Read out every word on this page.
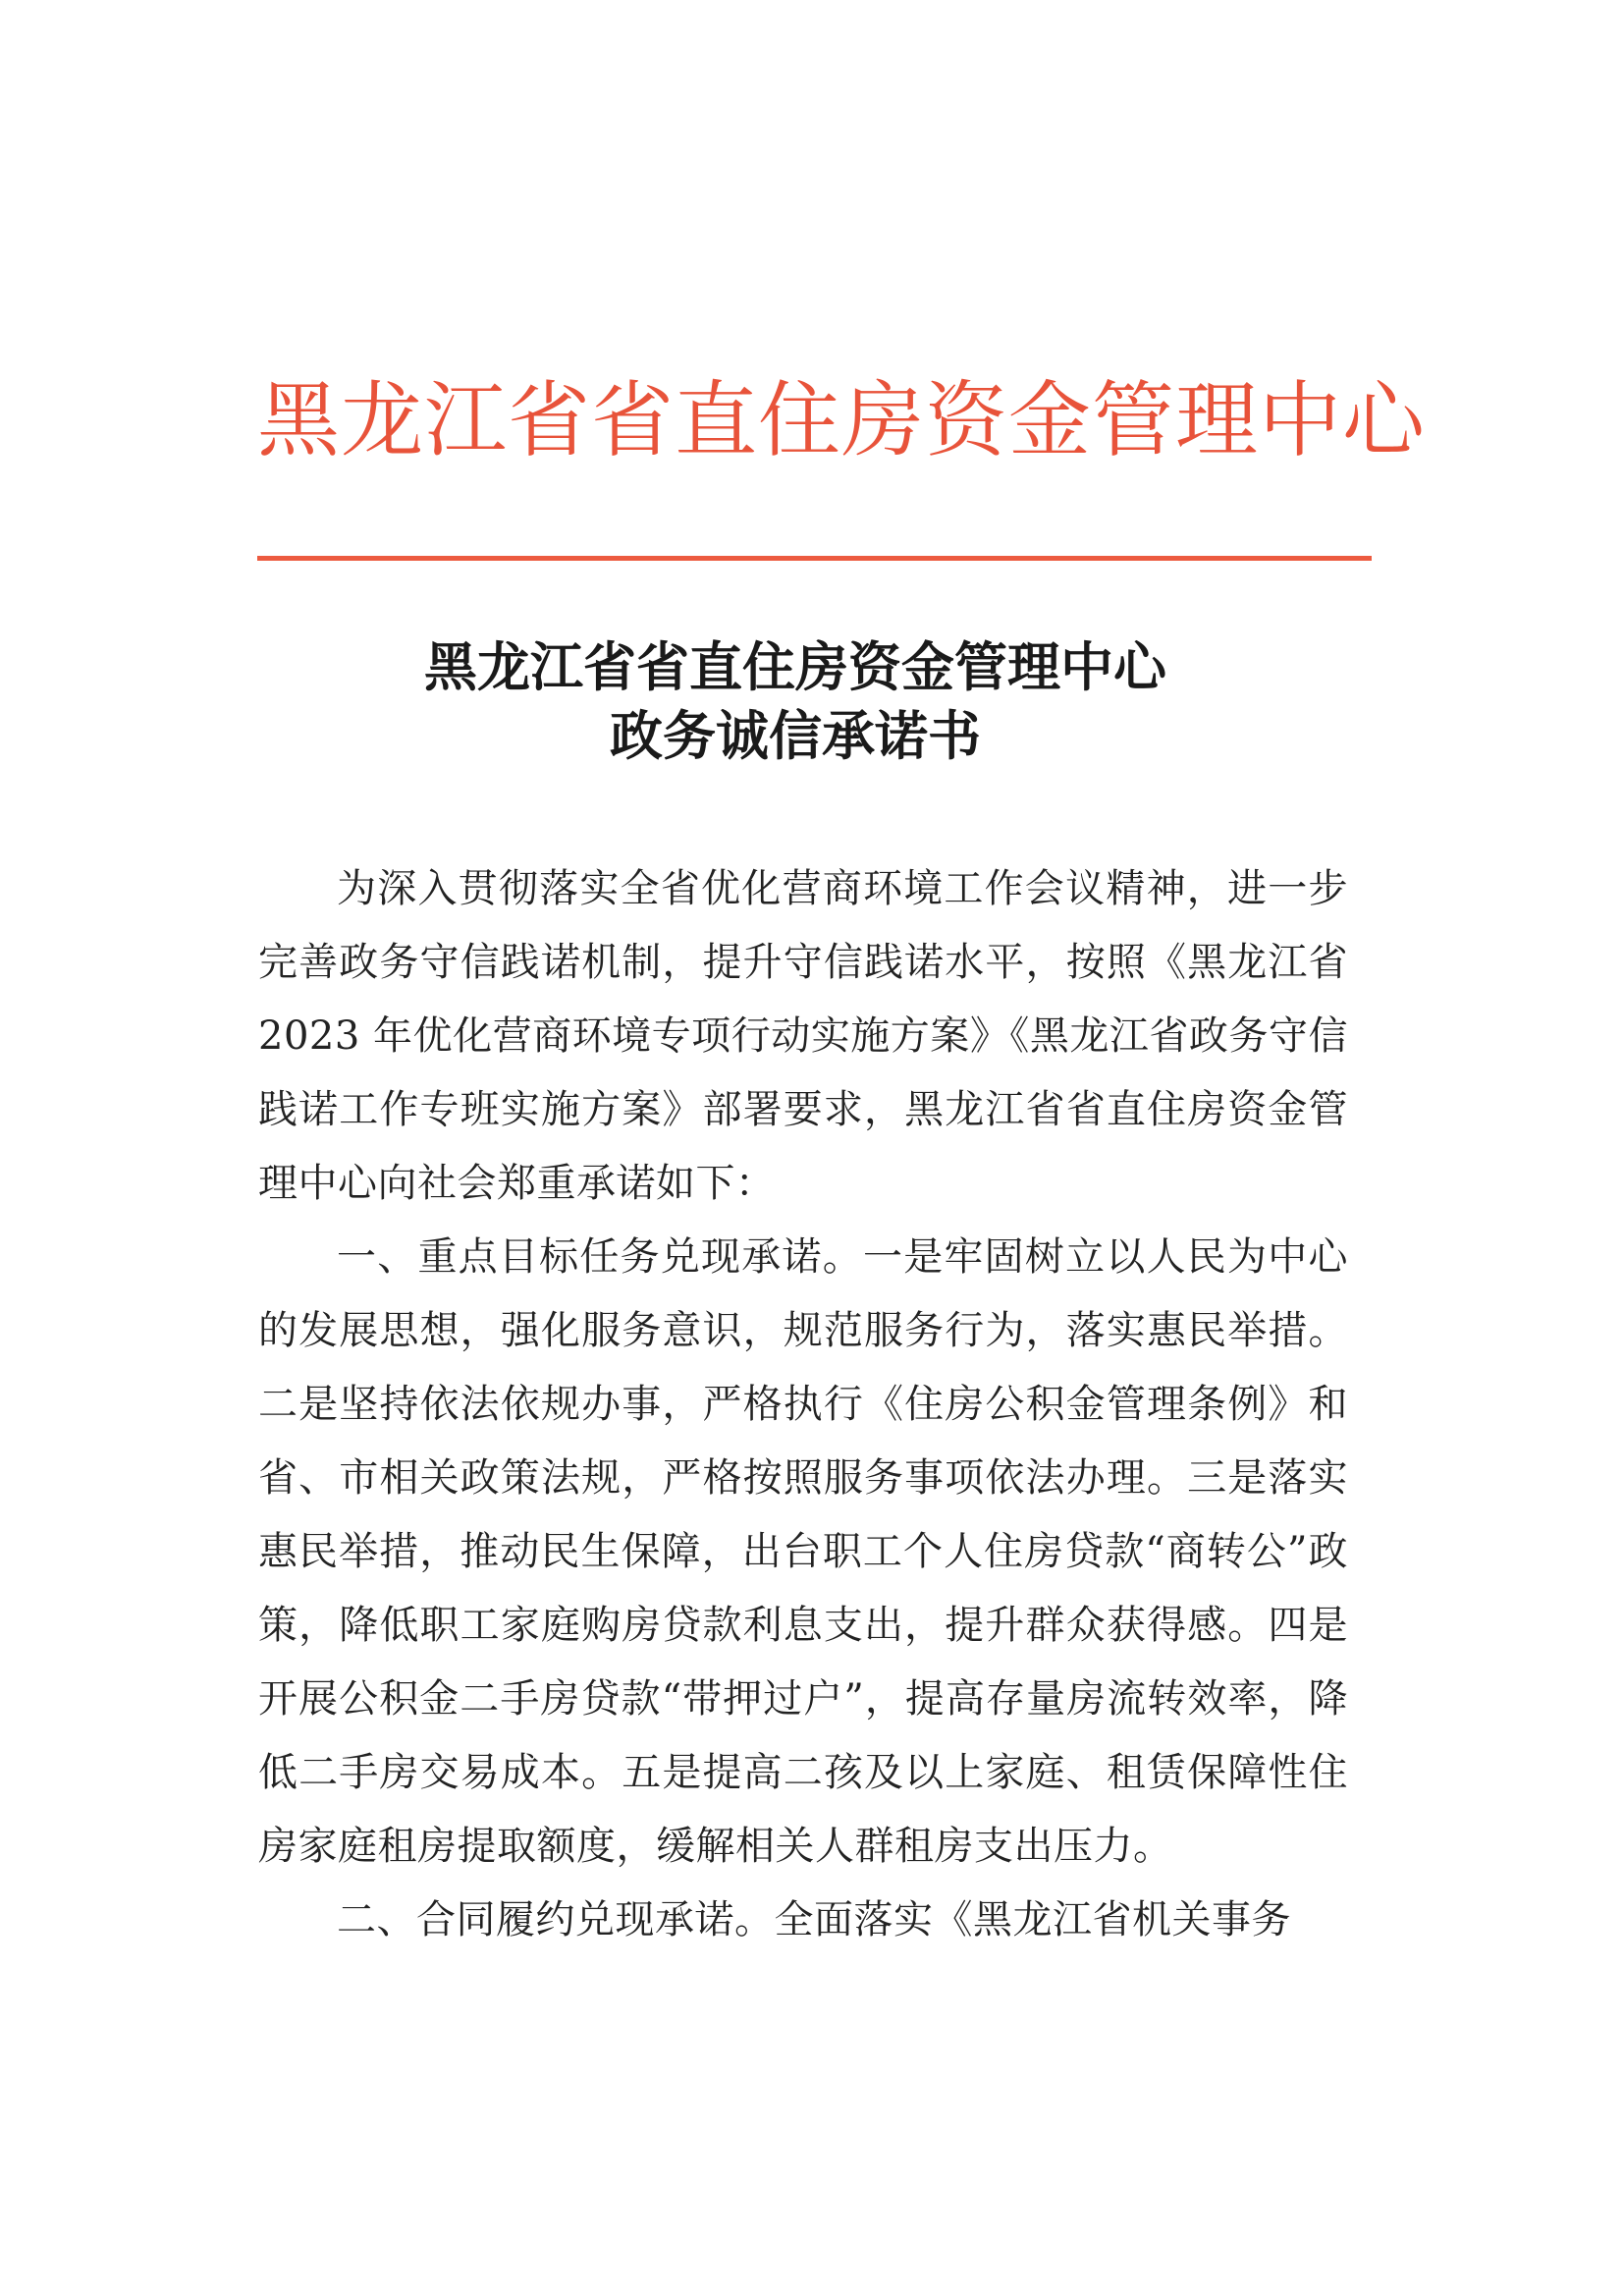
黑龙江省省直住房资金管理中心
黑龙江省省直住房资金管理中心
政务诚信承诺书

为深入贯彻落实全省优化营商环境工作会议精神，进一步完善政务守信践诺机制，提升守信践诺水平，按照《黑龙江省 2023 年优化营商环境专项行动实施方案》《黑龙江省政务守信践诺工作专班实施方案》部署要求，黑龙江省省直住房资金管理中心向社会郑重承诺如下：

一、重点目标任务兑现承诺。一是牢固树立以人民为中心的发展思想，强化服务意识，规范服务行为，落实惠民举措。二是坚持依法依规办事，严格执行《住房公积金管理条例》和省、市相关政策法规，严格按照服务事项依法办理。三是落实惠民举措，推动民生保障，出台职工个人住房贷款“商转公”政策，降低职工家庭购房贷款利息支出，提升群众获得感。四是开展公积金二手房贷款“带押过户”，提高存量房流转效率，降低二手房交易成本。五是提高二孩及以上家庭、租赁保障性住房家庭租房提取额度，缓解相关人群租房支出压力。

二、合同履约兑现承诺。全面落实《黑龙江省机关事务
